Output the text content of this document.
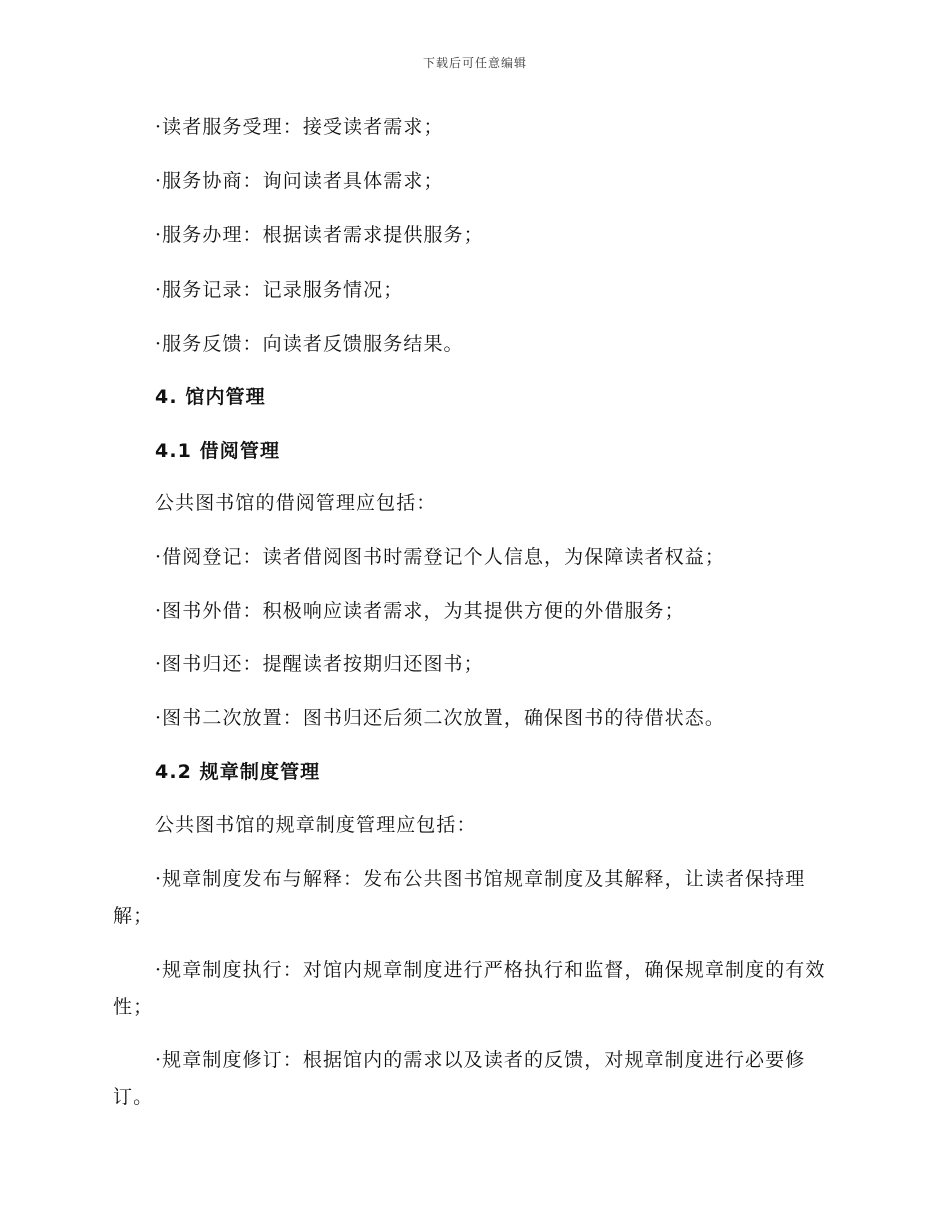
下载后可任意编辑
·读者服务受理：接受读者需求；
·服务协商：询问读者具体需求；
·服务办理：根据读者需求提供服务；
·服务记录：记录服务情况；
·服务反馈：向读者反馈服务结果。
4. 馆内管理
4.1 借阅管理
公共图书馆的借阅管理应包括：
·借阅登记：读者借阅图书时需登记个人信息，为保障读者权益；
·图书外借：积极响应读者需求，为其提供方便的外借服务；
·图书归还：提醒读者按期归还图书；
·图书二次放置：图书归还后须二次放置，确保图书的待借状态。
4.2 规章制度管理
公共图书馆的规章制度管理应包括：
·规章制度发布与解释：发布公共图书馆规章制度及其解释，让读者保持理解；
·规章制度执行：对馆内规章制度进行严格执行和监督，确保规章制度的有效性；
·规章制度修订：根据馆内的需求以及读者的反馈，对规章制度进行必要修订。
